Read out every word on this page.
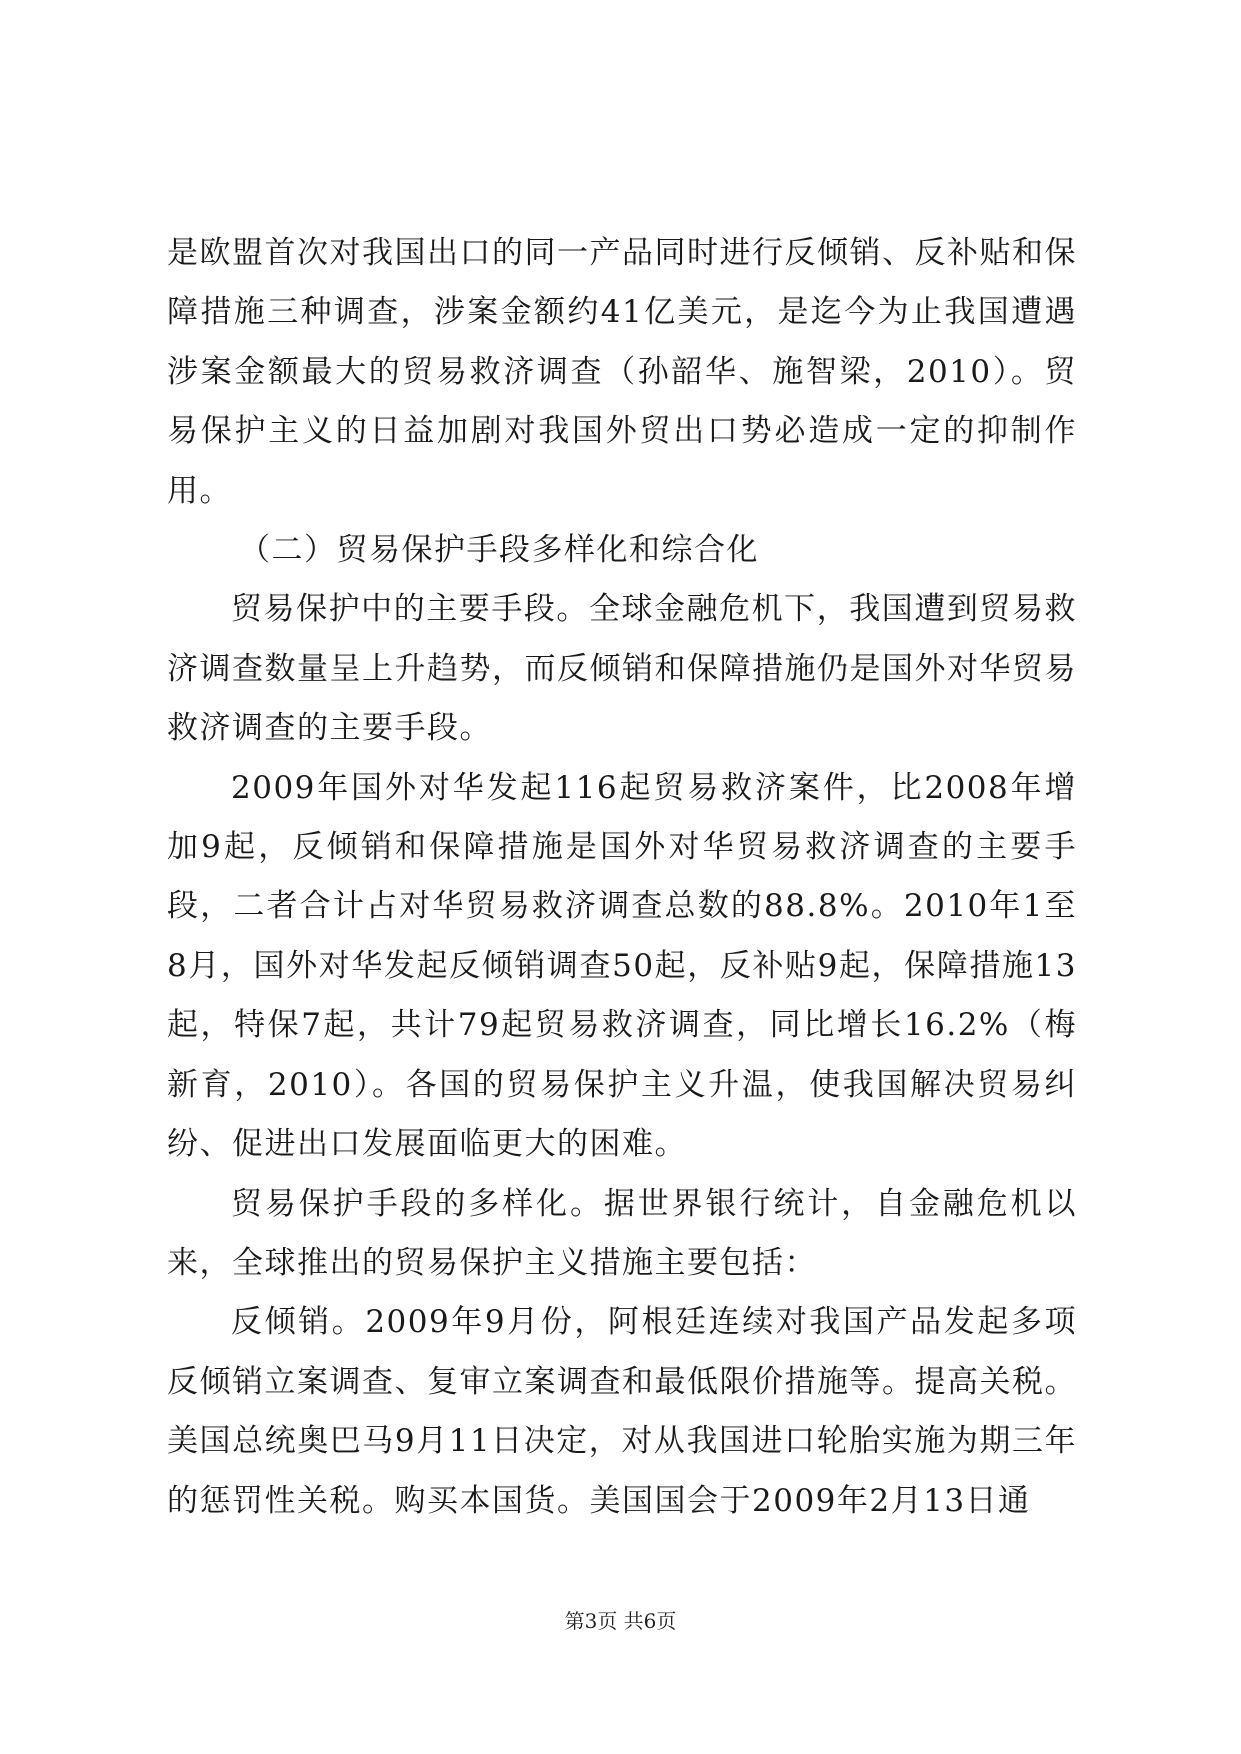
是欧盟首次对我国出口的同一产品同时进行反倾销、反补贴和保障措施三种调查，涉案金额约41亿美元，是迄今为止我国遭遇涉案金额最大的贸易救济调查（孙韶华、施智梁，2010）。贸易保护主义的日益加剧对我国外贸出口势必造成一定的抑制作用。

（二）贸易保护手段多样化和综合化

贸易保护中的主要手段。全球金融危机下，我国遭到贸易救济调查数量呈上升趋势，而反倾销和保障措施仍是国外对华贸易救济调查的主要手段。

2009年国外对华发起116起贸易救济案件，比2008年增加9起，反倾销和保障措施是国外对华贸易救济调查的主要手段，二者合计占对华贸易救济调查总数的88.8%。2010年1至8月，国外对华发起反倾销调查50起，反补贴9起，保障措施13起，特保7起，共计79起贸易救济调查，同比增长16.2%（梅新育，2010）。各国的贸易保护主义升温，使我国解决贸易纠纷、促进出口发展面临更大的困难。

贸易保护手段的多样化。据世界银行统计，自金融危机以来，全球推出的贸易保护主义措施主要包括：

反倾销。2009年9月份，阿根廷连续对我国产品发起多项反倾销立案调查、复审立案调查和最低限价措施等。提高关税。美国总统奥巴马9月11日决定，对从我国进口轮胎实施为期三年的惩罚性关税。购买本国货。美国国会于2009年2月13日通

第3页 共6页
